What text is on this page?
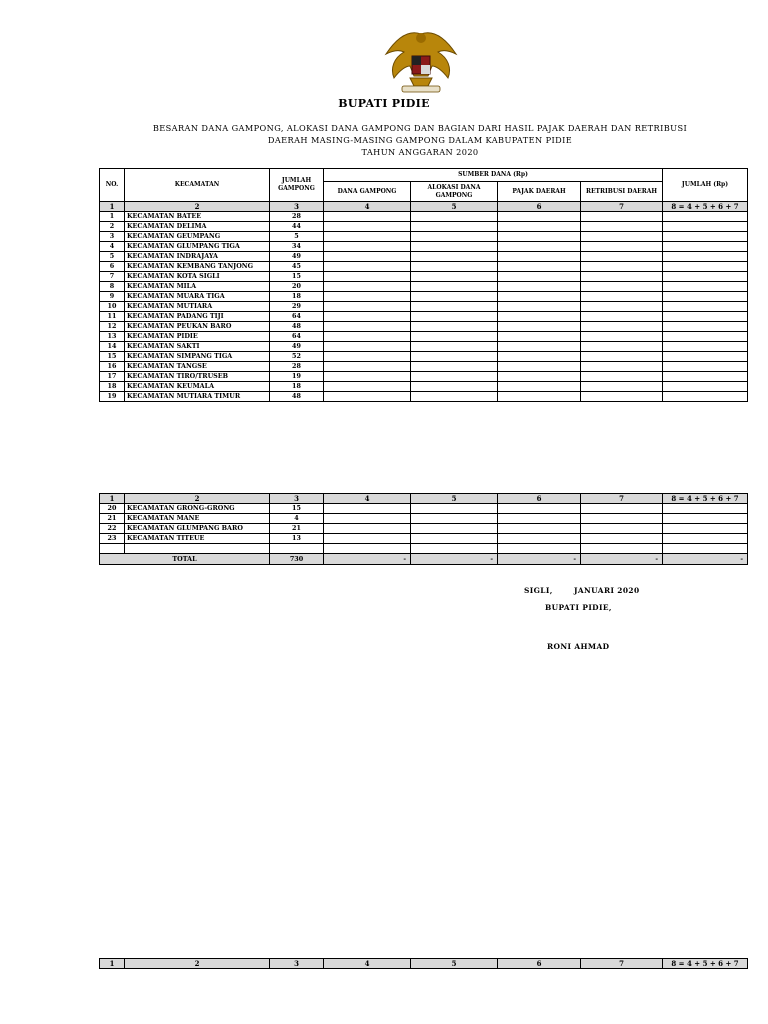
BUPATI PIDIE
BESARAN DANA GAMPONG, ALOKASI DANA GAMPONG DAN BAGIAN DARI HASIL PAJAK DAERAH DAN RETRIBUSI
DAERAH MASING-MASING GAMPONG DALAM KABUPATEN PIDIE
TAHUN ANGGARAN 2020
NO.	KECAMATAN	JUMLAH GAMPONG	SUMBER DANA (Rp)				JUMLAH (Rp)
			DANA GAMPONG	ALOKASI DANA GAMPONG	PAJAK DAERAH	RETRIBUSI DAERAH	
1	2	3	4	5	6	7	8 = 4 + 5 + 6 + 7
1	KECAMATAN BATEE	28					
2	KECAMATAN DELIMA	44					
3	KECAMATAN GEUMPANG	5					
4	KECAMATAN GLUMPANG TIGA	34					
5	KECAMATAN INDRAJAYA	49					
6	KECAMATAN KEMBANG TANJONG	45					
7	KECAMATAN KOTA SIGLI	15					
8	KECAMATAN MILA	20					
9	KECAMATAN MUARA TIGA	18					
10	KECAMATAN MUTIARA	29					
11	KECAMATAN PADANG TIJI	64					
12	KECAMATAN PEUKAN BARO	48					
13	KECAMATAN PIDIE	64					
14	KECAMATAN SAKTI	49					
15	KECAMATAN SIMPANG TIGA	52					
16	KECAMATAN TANGSE	28					
17	KECAMATAN TIRO/TRUSEB	19					
18	KECAMATAN KEUMALA	18					
19	KECAMATAN MUTIARA TIMUR	48					
1	2	3	4	5	6	7	8 = 4 + 5 + 6 + 7
20	KECAMATAN GRONG-GRONG	15					
21	KECAMATAN MANE	4					
22	KECAMATAN GLUMPANG BARO	21					
23	KECAMATAN TITEUE	13					

TOTAL		730	-	-	-	-	-
SIGLI,	JANUARI 2020
BUPATI PIDIE,
RONI AHMAD
1	2	3	4	5	6	7	8 = 4 + 5 + 6 + 7
